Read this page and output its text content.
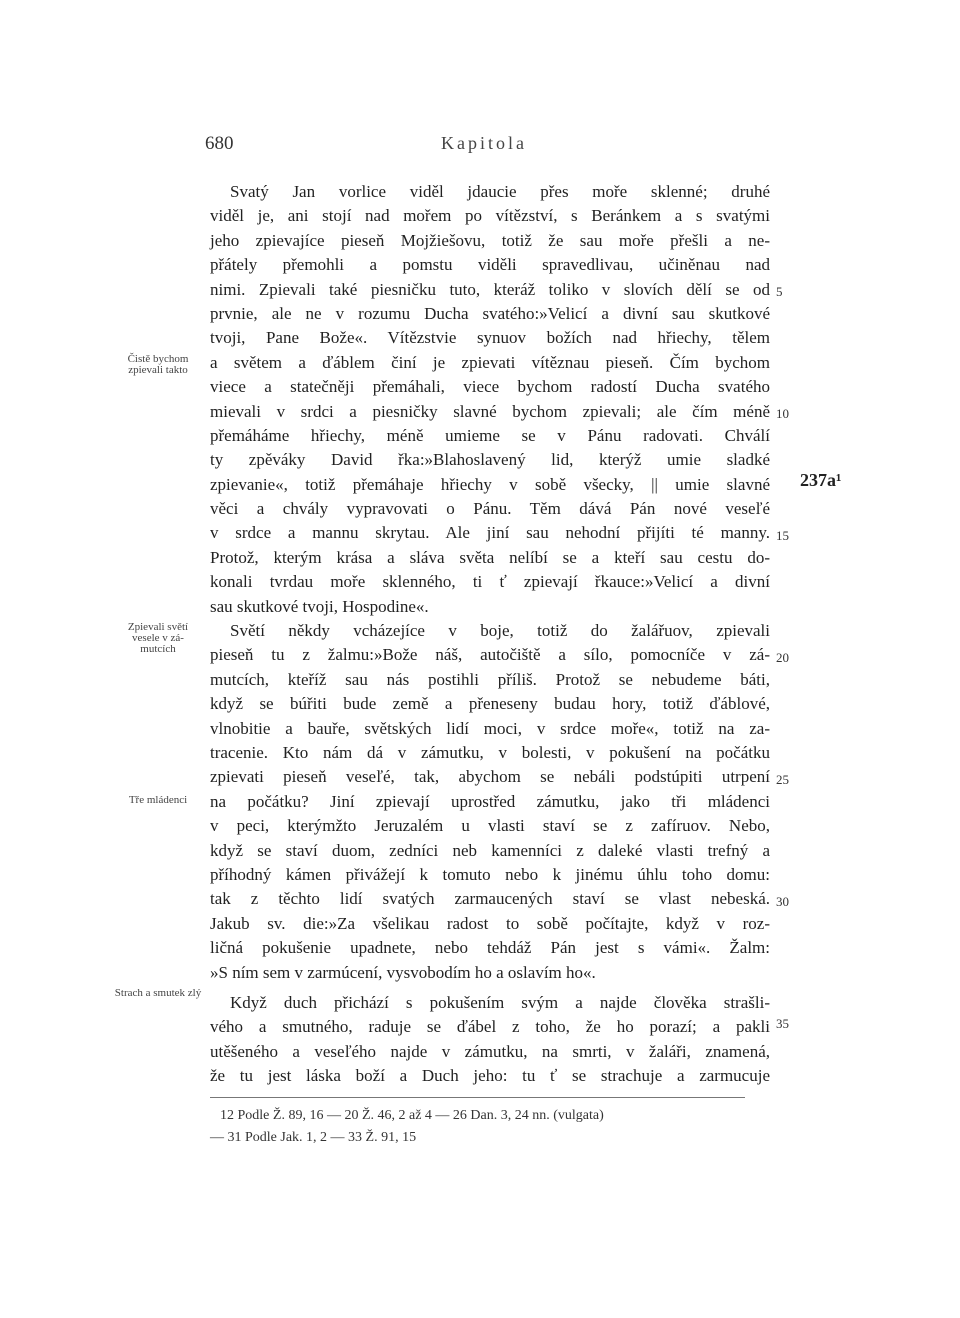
680	Kapitola
Svatý Jan vorlice viděl jdaucie přes moře sklenné; druhé
viděl je, ani stojí nad mořem po vítězství, s Beránkem a s svatými
jeho zpievajíce pieseň Mojžiešovu, totiž že sau moře přešli a ne-
přátely přemohli a pomstu viděli spravedlivau, učiněnau nad
nimi. Zpievali také piesničku tuto, kteráž toliko v slovích dělí se od
prvnie, ale ne v rozumu Ducha svatého:»Velicí a divní sau skutkové
tvoji, Pane Bože«. Vítězstvie synuov božích nad hřiechy, tělem
a světem a ďáblem činí je zpievati vítěznau pieseň. Čím bychom
viece a statečněji přemáhali, viece bychom radostí Ducha svatého
mievali v srdci a piesničky slavné bychom zpievali; ale čím méně
přemáháme hřiechy, méně umieme se v Pánu radovati. Chválí
ty zpěváky David řka:»Blahoslavený lid, kterýž umie sladké
zpievanie«, totiž přemáhaje hřiechy v sobě všecky, || umie slavné
věci a chvály vypravovati o Pánu. Těm dává Pán nové veseľé
v srdce a mannu skrytau. Ale jiní sau nehodní přijíti té manny.
Protož, kterým krása a sláva světa nelíbí se a kteří sau cestu do-
konali tvrdau moře sklenného, ti ť zpievají řkauce:»Velicí a divní
sau skutkové tvoji, Hospodine«.
Světí někdy vcházejíce v boje, totiž do žalářuov, zpievali
pieseň tu z žalmu:»Bože náš, autočiště a sílo, pomocníče v zá-
mutcích, kteříž sau nás postihli příliš. Protož se nebudeme báti,
když se búřiti bude země a přeneseny budau hory, totiž ďáblové,
vlnobitie a bauře, světských lidí moci, v srdce moře«, totiž na za-
tracenie. Kto nám dá v zámutku, v bolesti, v pokušení na počátku
zpievati pieseň veseľé, tak, abychom se nebáli podstúpiti utrpení
na počátku? Jiní zpievají uprostřed zámutku, jako tři mládenci
v peci, kterýmžto Jeruzalém u vlasti staví se z zafíruov. Nebo,
když se staví duom, zedníci neb kamenníci z daleké vlasti trefný a
příhodný kámen přivážejí k tomuto nebo k jinému úhlu toho domu:
tak z těchto lidí svatých zarmaucených staví se vlast nebeská.
Jakub sv. die:»Za všelikau radost to sobě počítajte, když v roz-
ličná pokušenie upadnete, nebo tehdáž Pán jest s vámi«. Žalm:
»S ním sem v zarmúcení, vysvobodím ho a oslavím ho«.
Když duch přichází s pokušením svým a najde člověka strašli-
vého a smutného, raduje se ďábel z toho, že ho porazí; a pakli
utěšeného a veseľého najde v zámutku, na smrti, v žaláři, znamená,
že tu jest láska boží a Duch jeho: tu ť se strachuje a zarmucuje
5
10
15
20
25
30
35
Čistě bychom zpievali takto
Zpievali světí vesele v zá- mutcích
Tře mládenci
Strach a smutek zlý
237a¹
12 Podle Ž. 89, 16 — 20 Ž. 46, 2 až 4 — 26 Dan. 3, 24 nn. (vulgata)
— 31 Podle Jak. 1, 2 — 33 Ž. 91, 15
